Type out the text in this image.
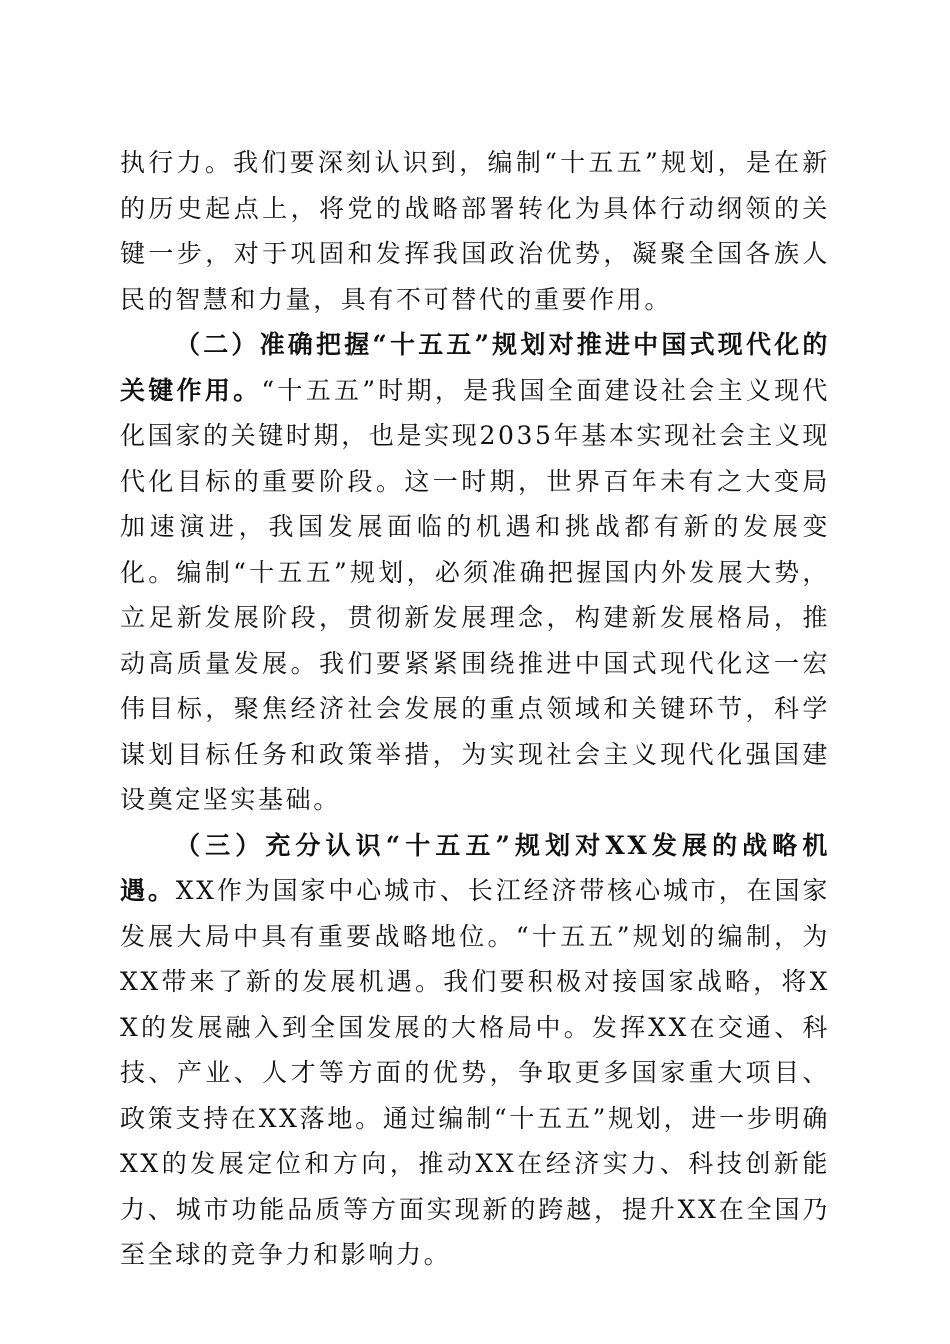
执行力。我们要深刻认识到，编制“十五五”规划，是在新的历史起点上，将党的战略部署转化为具体行动纲领的关键一步，对于巩固和发挥我国政治优势，凝聚全国各族人民的智慧和力量，具有不可替代的重要作用。

（二）准确把握“十五五”规划对推进中国式现代化的关键作用。“十五五”时期，是我国全面建设社会主义现代化国家的关键时期，也是实现2035年基本实现社会主义现代化目标的重要阶段。这一时期，世界百年未有之大变局加速演进，我国发展面临的机遇和挑战都有新的发展变化。编制“十五五”规划，必须准确把握国内外发展大势，立足新发展阶段，贯彻新发展理念，构建新发展格局，推动高质量发展。我们要紧紧围绕推进中国式现代化这一宏伟目标，聚焦经济社会发展的重点领域和关键环节，科学谋划目标任务和政策举措，为实现社会主义现代化强国建设奠定坚实基础。

（三）充分认识“十五五”规划对XX发展的战略机遇。XX作为国家中心城市、长江经济带核心城市，在国家发展大局中具有重要战略地位。“十五五”规划的编制，为XX带来了新的发展机遇。我们要积极对接国家战略，将XX的发展融入到全国发展的大格局中。发挥XX在交通、科技、产业、人才等方面的优势，争取更多国家重大项目、政策支持在XX落地。通过编制“十五五”规划，进一步明确XX的发展定位和方向，推动XX在经济实力、科技创新能力、城市功能品质等方面实现新的跨越，提升XX在全国乃至全球的竞争力和影响力。
